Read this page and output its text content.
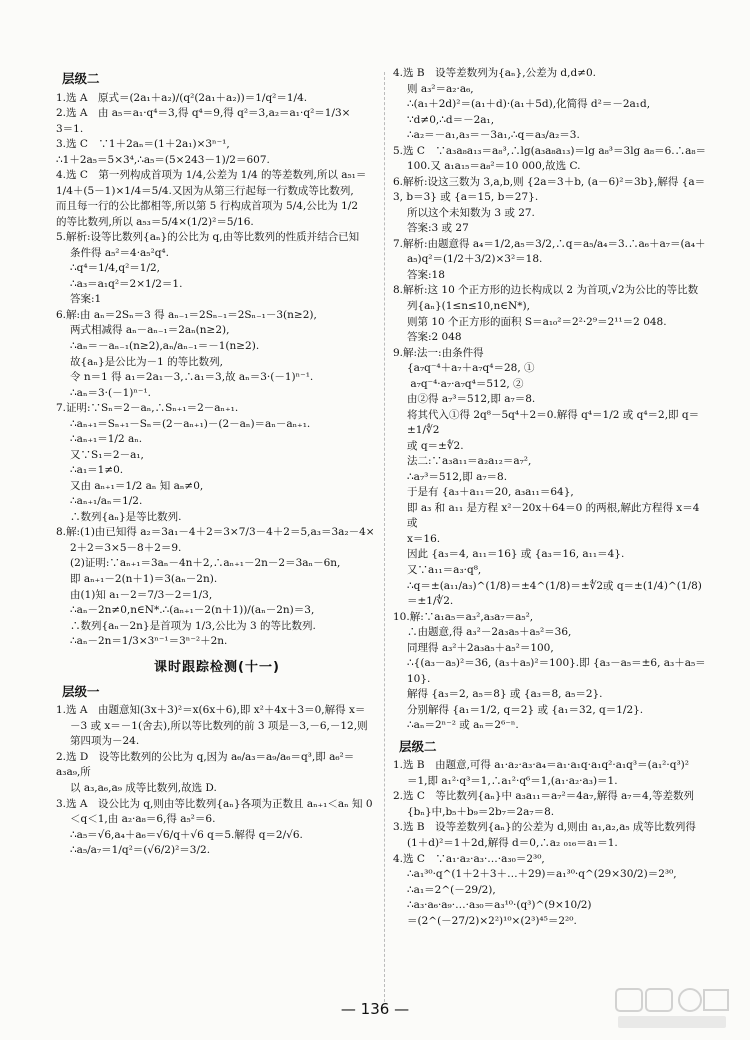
层级二

1.选 A　原式＝(2a₁＋a₂)/(q²(2a₁＋a₂))＝1/q²＝1/4.

2.选 A　由 a₅＝a₁·q⁴＝3,得 q⁴＝9,得 q²＝3,a₂＝a₁·q²＝1/3×

3＝1.

3.选 C　∵1＋2aₙ＝(1＋2a₁)×3ⁿ⁻¹,

∴1＋2a₅＝5×3⁴,∴a₅＝(5×243－1)/2＝607.

4.选 C　第一列构成首项为 1/4,公差为 1/4 的等差数列,所以 a₅₁＝

1/4＋(5－1)×1/4＝5/4.又因为从第三行起每一行数成等比数列,

而且每一行的公比都相等,所以第 5 行构成首项为 5/4,公比为 1/2

的等比数列,所以 a₅₃＝5/4×(1/2)²＝5/16.

5.解析:设等比数列{aₙ}的公比为 q,由等比数列的性质并结合已知

条件得 a₅²＝4·a₅²q⁴.

∴q⁴＝1/4,q²＝1/2,

∴a₃＝a₁q²＝2×1/2＝1.

答案:1

6.解:由 aₙ＝2Sₙ＝3 得 aₙ₋₁＝2Sₙ₋₁＝2Sₙ₋₁－3(n≥2),

两式相减得 aₙ－aₙ₋₁＝2aₙ(n≥2),

∴aₙ＝－aₙ₋₁(n≥2),aₙ/aₙ₋₁＝－1(n≥2).

故{aₙ}是公比为－1 的等比数列,

令 n＝1 得 a₁＝2a₁－3,∴a₁＝3,故 aₙ＝3·(－1)ⁿ⁻¹.

∴aₙ＝3·(－1)ⁿ⁻¹.

7.证明:∵Sₙ＝2－aₙ,∴Sₙ₊₁＝2－aₙ₊₁.

∴aₙ₊₁＝Sₙ₊₁－Sₙ＝(2－aₙ₊₁)－(2－aₙ)＝aₙ－aₙ₊₁.

∴aₙ₊₁＝1/2 aₙ.

又∵S₁＝2－a₁,

∴a₁＝1≠0.

又由 aₙ₊₁＝1/2 aₙ 知 aₙ≠0,

∴aₙ₊₁/aₙ＝1/2.

∴数列{aₙ}是等比数列.

8.解:(1)由已知得 a₂＝3a₁－4＋2＝3×7/3－4＋2＝5,a₃＝3a₂－4×

2＋2＝3×5－8＋2＝9.

(2)证明:∵aₙ₊₁＝3aₙ－4n＋2,∴aₙ₊₁－2n－2＝3aₙ－6n,

即 aₙ₊₁－2(n＋1)＝3(aₙ－2n).

由(1)知 a₁－2＝7/3－2＝1/3,

∴aₙ－2n≠0,n∈N*.∴(aₙ₊₁－2(n＋1))/(aₙ－2n)＝3,

∴数列{aₙ－2n}是首项为 1/3,公比为 3 的等比数列.

∴aₙ－2n＝1/3×3ⁿ⁻¹＝3ⁿ⁻²＋2n.

课时跟踪检测(十一)
层级一

1.选 A　由题意知(3x＋3)²＝x(6x＋6),即 x²＋4x＋3＝0,解得 x＝

－3 或 x＝－1(舍去),所以等比数列的前 3 项是－3,－6,－12,则

第四项为－24.

2.选 D　设等比数列的公比为 q,因为 a₆/a₃＝a₉/a₆＝q³,即 a₆²＝a₃a₉,所

以 a₃,a₆,a₉ 成等比数列,故选 D.

3.选 A　设公比为 q,则由等比数列{aₙ}各项为正数且 aₙ₊₁＜aₙ 知 0

＜q＜1,由 a₂·a₈＝6,得 a₅²＝6.

∴a₅＝√6,a₄＋a₆＝√6/q＋√6 q＝5.解得 q＝2/√6.

∴a₅/a₇＝1/q²＝(√6/2)²＝3/2.

4.选 B　设等差数列为{aₙ},公差为 d,d≠0.

则 a₃²＝a₂·a₆,

∴(a₁＋2d)²＝(a₁＋d)·(a₁＋5d),化简得 d²＝－2a₁d,

∵d≠0,∴d＝－2a₁,

∴a₂＝－a₁,a₃＝－3a₁,∴q＝a₃/a₂＝3.

5.选 C　∵a₃a₈a₁₃＝a₈³,∴lg(a₃a₈a₁₃)＝lg a₈³＝3lg a₈＝6.∴a₈＝

100.又 a₁a₁₅＝a₈²＝10 000,故选 C.

6.解析:设这三数为 3,a,b,则 {2a＝3＋b, (a－6)²＝3b},解得 {a＝3, b＝3} 或 {a＝15, b＝27}.

所以这个未知数为 3 或 27.

答案:3 或 27

7.解析:由题意得 a₄＝1/2,a₅＝3/2,∴q＝a₅/a₄＝3.∴a₆＋a₇＝(a₄＋

a₅)q²＝(1/2＋3/2)×3²＝18.

答案:18

8.解析:这 10 个正方形的边长构成以 2 为首项,√2为公比的等比数

列{aₙ}(1≤n≤10,n∈N*),

则第 10 个正方形的面积 S＝a₁₀²＝2²·2⁹＝2¹¹＝2 048.

答案:2 048

9.解:法一:由条件得

{a₇q⁻⁴＋a₇＋a₇q⁴＝28, ①

a₇q⁻⁴·a₇·a₇q⁴＝512, ②

由②得 a₇³＝512,即 a₇＝8.

将其代入①得 2q⁸－5q⁴＋2＝0.解得 q⁴＝1/2 或 q⁴＝2,即 q＝±1/∜2

或 q＝±∜2.

法二:∵a₃a₁₁＝a₂a₁₂＝a₇²,

∴a₇³＝512,即 a₇＝8.

于是有 {a₃＋a₁₁＝20, a₃a₁₁＝64},

即 a₃ 和 a₁₁ 是方程 x²－20x＋64＝0 的两根,解此方程得 x＝4 或

x＝16.

因此 {a₃＝4, a₁₁＝16} 或 {a₃＝16, a₁₁＝4}.

又∵a₁₁＝a₃·q⁸,

∴q＝±(a₁₁/a₃)^(1/8)＝±4^(1/8)＝±∜2或 q＝±(1/4)^(1/8)＝±1/∜2.

10.解:∵a₁a₅＝a₃²,a₃a₇＝a₅²,

∴由题意,得 a₃²－2a₃a₅＋a₅²＝36,

同理得 a₃²＋2a₃a₅＋a₅²＝100,

∴{(a₃－a₅)²＝36, (a₃＋a₅)²＝100}.即 {a₃－a₅＝±6, a₃＋a₅＝10}.

解得 {a₃＝2, a₅＝8} 或 {a₃＝8, a₅＝2}.

分别解得 {a₁＝1/2, q＝2} 或 {a₁＝32, q＝1/2}.

∴aₙ＝2ⁿ⁻² 或 aₙ＝2⁶⁻ⁿ.

层级二

1.选 B　由题意,可得 a₁·a₂·a₃·a₄＝a₁·a₁q·a₁q²·a₁q³＝(a₁²·q³)²

＝1,即 a₁²·q³＝1,∴a₁²·q⁶＝1,(a₁·a₂·a₃)＝1.

2.选 C　等比数列{aₙ}中 a₃a₁₁＝a₇²＝4a₇,解得 a₇＝4,等差数列

{bₙ}中,b₅＋b₉＝2b₇＝2a₇＝8.

3.选 B　设等差数列{aₙ}的公差为 d,则由 a₁,a₂,a₅ 成等比数列得

(1＋d)²＝1＋2d,解得 d＝0,∴a₂ ₀₁₆＝a₁＝1.

4.选 C　∵a₁·a₂·a₃·…·a₃₀＝2³⁰,

∴a₁³⁰·q^(1＋2＋3＋…＋29)＝a₁³⁰·q^(29×30/2)＝2³⁰,

∴a₁＝2^(－29/2),

∴a₃·a₆·a₉·…·a₃₀＝a₃¹⁰·(q³)^(9×10/2)

＝(2^(－27/2)×2²)¹⁰×(2³)⁴⁵＝2²⁰.

— 136 —
